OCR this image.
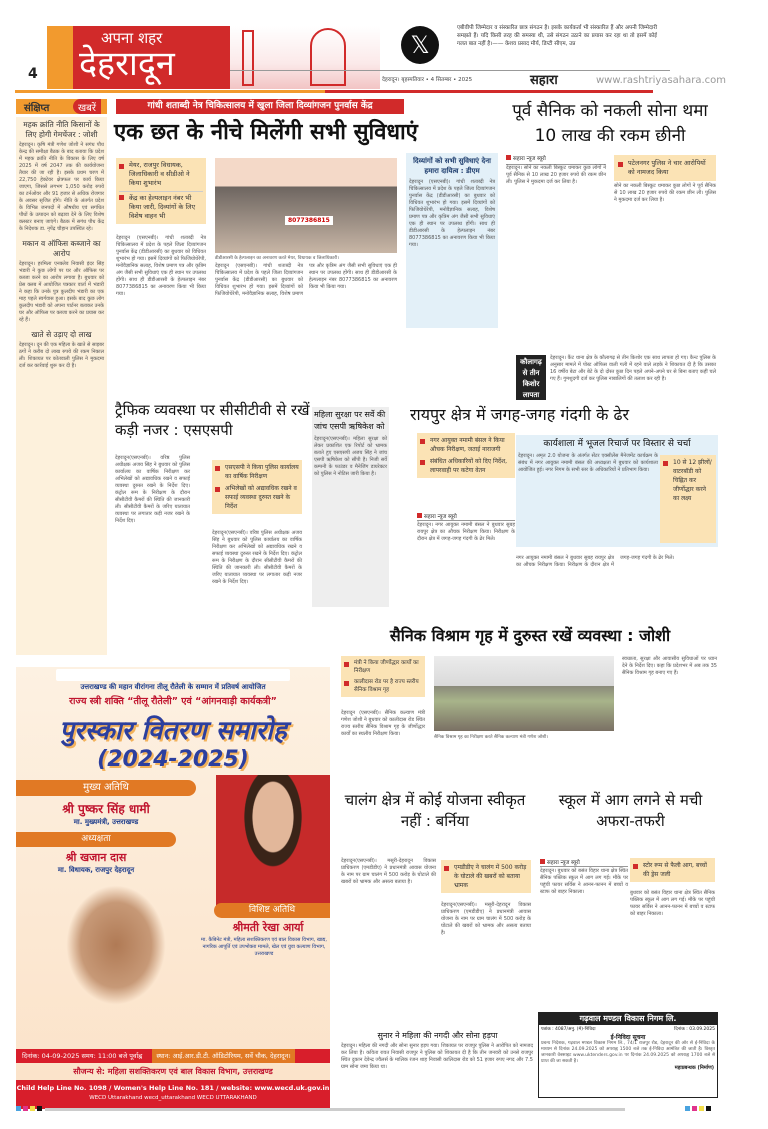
4
अपना शहर
देहरादून	𝕏
एबीवीपी जिम्मेदार व संस्कारित छात्र संगठन है। इसके कार्यकर्ता भी संस्कारित हैं और अपनी जिम्मेदारी समझते हैं। यदि किसी तरह की समस्या थी, उसे संगठन उठाने का प्रयास कर रहा था तो इसमें कोई गलत बात नहीं है।—— केशव प्रसाद मौर्य, डिप्टी सीएम, उप्र
देहरादून। बृहस्पतिवार • 4 सितम्बर • 2025	सहारा	www.rashtriyasahara.com
संक्षिप्त	खबरें
महक क्रांति नीति किसानों के लिए होगी गेमचेंजर : जोशी
देहरादून। कृषि मंत्री गणेश जोशी ने सगंध पौध केन्द्र की समीक्षा बैठक के बाद बताया कि प्रदेश में महक क्रांति नीति के विकास के लिए वर्ष 2025 में वर्ष 2047 तक की कार्ययोजना तैयार की जा रही है। इसके प्रथम चरण में 22,750 हेक्टेयर क्षेत्रफल पर कार्य किया जाएगा, जिससे लगभग 1,050 करोड़ रुपये का टर्नओवर और 91 हजार से अधिक रोजगार के अवसर सृजित होंगे। नीति के अंतर्गत प्रदेश के विभिन्न जनपदों में औषधीय एवं सगंधित पौधों के उत्पादन को बढ़ावा देने के लिए विशेष क्लस्टर बनाए जाएंगे। बैठक में सगंध पौध केंद्र के निदेशक डा. नृपेंद्र चौहान उपस्थित रहे।
मकान व ऑफिस कब्जाने का आरोप
देहरादून। हरमिला एनक्लेव निवासी इंदर सिंह भंडारी ने कुछ लोगों पर घर और ऑफिस पर कब्जा करने का आरोप लगाया है। बुधवार को प्रेस क्लब में आयोजित पत्रकार वार्ता में भंडारी ने कहा कि उनके पुत्र कुलदीप भंडारी का एक माह पहले स्वर्गवास हुआ। इसके बाद कुछ लोग कुलदीप भंडारी को अपना पार्टनर बताकर उनके घर और ऑफिस पर कब्जा करने का प्रयास कर रहे हैं।
खाते से उड़ाए दो लाख
देहरादून। दून की एक महिला के खाते से साइबर ठगों ने करीब दो लाख रुपये की रकम निकाल ली। शिकायत पर कोतवाली पुलिस ने मुकदमा दर्ज कर कार्रवाई शुरू कर दी है।
गांधी शताब्दी नेत्र चिकित्सालय में खुला जिला दिव्यांगजन पुनर्वास केंद्र
एक छत के नीचे मिलेंगी सभी सुविधाएं
मेयर, राजपुर विधायक, जिलाधिकारी व सीडीओ ने किया शुभारंभ
केंद्र का हेल्पलाइन नंबर भी किया जारी, दिव्यांगों के लिए विशेष वाहन भी
देहरादून (एसएनबी)। गांधी शताब्दी नेत्र चिकित्सालय में प्रदेश के पहले जिला दिव्यांगजन पुनर्वास केंद्र (डीडीआरसी) का बुधवार को विधिवत शुभारंभ हो गया। इसमें दिव्यांगों को फिजियोथेरेपी, मनोवैज्ञानिक सलाह, विशेष प्रमाण पत्र और कृत्रिम अंग जैसी सभी सुविधाएं एक ही स्थान पर उपलब्ध होंगी। साथ ही डीडीआरसी के हेल्पलाइन नंबर 8077386815 का अनावरण किया भी किया गया।
8077386815
डीडीआरसी के हेल्पलाइन का अनावरण करते मेयर, विधायक व जिलाधिकारी।
देहरादून (एसएनबी)। गांधी शताब्दी नेत्र चिकित्सालय में प्रदेश के पहले जिला दिव्यांगजन पुनर्वास केंद्र (डीडीआरसी) का बुधवार को विधिवत शुभारंभ हो गया। इसमें दिव्यांगों को फिजियोथेरेपी, मनोवैज्ञानिक सलाह, विशेष प्रमाण पत्र और कृत्रिम अंग जैसी सभी सुविधाएं एक ही स्थान पर उपलब्ध होंगी। साथ ही डीडीआरसी के हेल्पलाइन नंबर 8077386815 का अनावरण किया भी किया गया।
दिव्यांगों को सभी सुविधाएं देना हमारा दायित्व : डीएम
देहरादून (एसएनबी)। गांधी शताब्दी नेत्र चिकित्सालय में प्रदेश के पहले जिला दिव्यांगजन पुनर्वास केंद्र (डीडीआरसी) का बुधवार को विधिवत शुभारंभ हो गया। इसमें दिव्यांगों को फिजियोथेरेपी, मनोवैज्ञानिक सलाह, विशेष प्रमाण पत्र और कृत्रिम अंग जैसी सभी सुविधाएं एक ही स्थान पर उपलब्ध होंगी। साथ ही डीडीआरसी के हेल्पलाइन नंबर 8077386815 का अनावरण किया भी किया गया।
पूर्व सैनिक को नकली सोना थमा 10 लाख की रकम छीनी
सहारा न्यूज ब्यूरो
देहरादून। सोने का नकली बिस्कुट थमाकर कुछ लोगों ने पूर्व सैनिक से 10 लाख 20 हजार रुपये की रकम छीन ली। पुलिस ने मुकदमा दर्ज कर लिया है।
पटेलनगर पुलिस ने चार आरोपियों को नामजद किया
सोने का नकली बिस्कुट थमाकर कुछ लोगों ने पूर्व सैनिक से 10 लाख 20 हजार रुपये की रकम छीन ली। पुलिस ने मुकदमा दर्ज कर लिया है।
कौलागढ़ से तीन किशोर लापता
देहरादून। कैंट थाना क्षेत्र के कौलागढ़ से तीन किशोर एक साथ लापता हो गए। कैन्ट पुलिस के अनुसार मामले में पोस्ट ऑफिस वाली गली में रहने वाले लड़के ने शिकायत दी है कि उसका 16 वर्षीय बेटा और बेटे के दो दोस्त कुछ दिन पहले अपने-अपने घर से बिना बताए कहीं चले गए हैं। गुमशुदगी दर्ज कर पुलिस नाबालिगों की तलाश कर रही है।
ट्रैफिक व्यवस्था पर सीसीटीवी से रखें कड़ी नजर : एसएसपी
देहरादून(एसएनबी)। वरिष्ठ पुलिस अधीक्षक अजय सिंह ने बुधवार को पुलिस कार्यालय का वार्षिक निरीक्षण कर अभिलेखों को अद्यावधिक रखने व सफाई व्यवस्था दुरुस्त रखने के निर्देश दिए। कंट्रोल रूम के निरीक्षण के दौरान सीसीटीवी कैमरों की स्थिति की जानकारी ली। सीसीटीवी कैमरों के जरिए यातायात व्यवस्था पर लगातार कड़ी नजर रखने के निर्देश दिए।
एसएसपी ने किया पुलिस कार्यालय का वार्षिक निरीक्षण
अभिलेखों को अद्यावधिक रखने व सफाई व्यवस्था दुरुस्त रखने के निर्देश
देहरादून(एसएनबी)। वरिष्ठ पुलिस अधीक्षक अजय सिंह ने बुधवार को पुलिस कार्यालय का वार्षिक निरीक्षण कर अभिलेखों को अद्यावधिक रखने व सफाई व्यवस्था दुरुस्त रखने के निर्देश दिए। कंट्रोल रूम के निरीक्षण के दौरान सीसीटीवी कैमरों की स्थिति की जानकारी ली। सीसीटीवी कैमरों के जरिए यातायात व्यवस्था पर लगातार कड़ी नजर रखने के निर्देश दिए।
महिला सुरक्षा पर सर्वे की जांच एसपी ऋषिकेश को
देहरादून(एसएनबी)। महिला सुरक्षा को लेकर प्रकाशित एक रिपोर्ट को भ्रामक बताते हुए एसएसपी अजय सिंह ने जांच एसपी ऋषिकेश को सौंपी है। निजी सर्वे कम्पनी के फाउंडर व मैनेजिंग डायरेक्टर को पुलिस ने नोटिस जारी किया है।
रायपुर क्षेत्र में जगह-जगह गंदगी के ढेर
नगर आयुक्त नमामी बंसल ने किया औचक निरीक्षण, जताई नाराजगी
संबंधित अधिकारियों को दिए निर्देश, लापरवाही पर कटेगा वेतन
सहारा न्यूज ब्यूरो
देहरादून। नगर आयुक्त नमामी बंसल ने बुधवार सुबह रायपुर क्षेत्र का औचक निरीक्षण किया। निरीक्षण के दौरान क्षेत्र में जगह-जगह गंदगी के ढेर मिले।
कार्यशाला में भूजल रिचार्ज पर विस्तार से चर्चा
देहरादून। अमृत 2.0 योजना के अंतर्गत सेंटर एक्सीलेंस मैनेजमेंट कार्यक्रम के संबंध में नगर आयुक्त नमामी बंसल की अध्यक्षता में बुधवार को कार्यशाला आयोजित हुई। नगर निगम के सभी स्तर के अधिकारियों ने प्रतिभाग किया।
10 से 12 झीलों/ वाटरबॉडी को चिह्नित कर जीर्णोद्धार करने का लक्ष्य
नगर आयुक्त नमामी बंसल ने बुधवार सुबह रायपुर क्षेत्र का औचक निरीक्षण किया। निरीक्षण के दौरान क्षेत्र में जगह-जगह गंदगी के ढेर मिले।
उत्तराखण्ड की महान वीरांगना तीलू रौतेली के सम्मान में प्रतिवर्ष आयोजित
राज्य स्त्री शक्ति “तीलू रौतेली” एवं “आंगनवाड़ी कार्यकत्री”
पुरस्कार वितरण समारोह
(2024-2025)
मुख्य अतिथि
श्री पुष्कर सिंह धामी
मा. मुख्यमंत्री, उत्तराखण्ड
अध्यक्षता
श्री खजान दास
मा. विधायक, राजपुर देहरादून
विशिष्ट अतिथि
श्रीमती रेखा आर्या
मा. कैबिनेट मंत्री, महिला सशक्तिकरण एवं बाल विकास विभाग, खाद्य, नागरिक आपूर्ति एवं उपभोक्ता मामले, खेल एवं युवा कल्याण विभाग, उत्तराखण्ड
दिनांक: 04-09-2025 समय: 11:00 बजे पूर्वाह्न स्थान: आई.आर.डी.टी. ऑडिटोरियम, सर्वे चौक, देहरादून।
सौजन्य से: महिला सशक्तिकरण एवं बाल विकास विभाग, उत्तराखण्ड
Child Help Line No. 1098 / Women's Help Line No. 181 / website: www.wecd.uk.gov.in
WECD Uttarakhand wecd_uttarakhand WECD UTTARAKHAND
सैनिक विश्राम गृह में दुरुस्त रखें व्यवस्था : जोशी
मंत्री ने किया जीर्णोद्धार कार्यों का निरीक्षण
कालीदास रोड पर है राज्य स्तरीय सैनिक विश्राम गृह
देहरादून (एसएनबी)। सैनिक कल्याण मंत्री गणेश जोशी ने बुधवार को कालीदास रोड स्थित राज्य स्तरीय सैनिक विश्राम गृह के जीर्णोद्धार कार्यों का स्थलीय निरीक्षण किया।
सैनिक विश्राम गृह का निरीक्षण करते सैनिक कल्याण मंत्री गणेश जोशी।
स्वच्छता, सुरक्षा और आवासीय सुविधाओं पर ध्यान देने के निर्देश दिए। कहा कि प्रदेशभर में अब तक 35 सैनिक विश्राम गृह बनाए गए हैं।
चालंग क्षेत्र में कोई योजना स्वीकृत नहीं : बर्निया
देहरादून(एसएनबी)। मसूरी-देहरादून विकास प्राधिकरण (एमडीडीए) ने प्रधानमंत्री आवास योजना के नाम पर ग्राम चालंग में 500 करोड़ के घोटाले की खबरों को भ्रामक और असत्य बताया है।
एमडीडीए ने चालंग में 500 करोड़ के घोटाले की खबरों को बताया भ्रामक
देहरादून(एसएनबी)। मसूरी-देहरादून विकास प्राधिकरण (एमडीडीए) ने प्रधानमंत्री आवास योजना के नाम पर ग्राम चालंग में 500 करोड़ के घोटाले की खबरों को भ्रामक और असत्य बताया है।
स्कूल में आग लगने से मची अफरा-तफरी
सहारा न्यूज ब्यूरो
देहरादून। बुधवार को बसंत विहार थाना क्षेत्र स्थित सैनिक पब्लिक स्कूल में आग लग गई। मौके पर पहुंची फायर सर्विस ने आनन-फानन में बच्चों व स्टाफ को बाहर निकाला।
स्टोर रूम से फैली आग, बच्चों की ड्रेस जली
बुधवार को बसंत विहार थाना क्षेत्र स्थित सैनिक पब्लिक स्कूल में आग लग गई। मौके पर पहुंची फायर सर्विस ने आनन-फानन में बच्चों व स्टाफ को बाहर निकाला।
सुनार ने महिला की नगदी और सोना हड़पा
देहरादून। महिला की नगदी और सोना सुनार हड़प गया। शिकायत पर राजपुर पुलिस ने आरोपित को नामजद कर लिया है। कविता रावत निवासी राजपुर ने पुलिस को शिकायत दी है कि तीन जनवरी को उनसे राजपुर स्थित दुकान देवेन्द्र ज्वैलर्स के मालिक रंजन शाह निवासी कालिदास रोड को 51 हजार रुपए नगद और 7.5 ग्राम सोना जमा किया था।
गढ़वाल मण्डल विकास निगम लि.
पत्रांक : 4087/अनु. (मे)-निविदा	दिनांक : 03.09.2025
ई-निविदा सूचना
प्रबन्ध निदेशक, गढ़वाल मण्डल विकास निगम लि., 74/1 राजपुर रोड, देहरादून की ओर से ई-निविदा के माध्यम से दिनांक 24.09.2025 को अपराह्न 1500 बजे तक ई-निविदा आमंत्रित की जाती है। विस्तृत जानकारी वेबसाइट www.uktenders.gov.in पर दिनांक 24.09.2025 को अपराह्न 1700 बजे से प्राप्त की जा सकती है।
महाप्रबन्धक (निर्माण)
